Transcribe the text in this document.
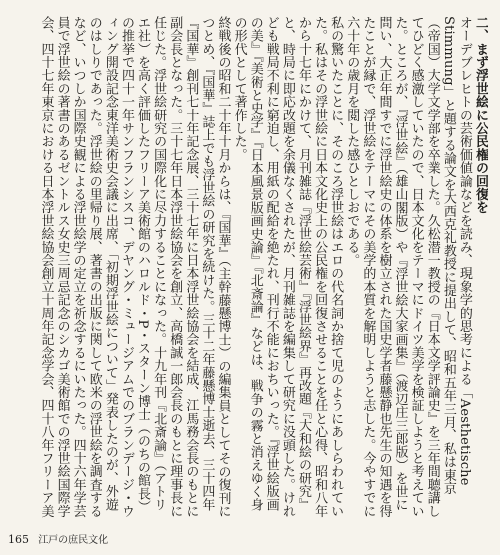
二、まず浮世絵に公民権の回復を

オーデブレヒトの芸術価値論などを読み、現象学的思考による「Aesthetische Stimmung」と題する論文を大西克礼教授に提出して、昭和五年三月、私は東京（帝国）大学文学部を卒業した。久松潜一教授の『日本文学評論史』を三年間聴講してひどく感激していたので、日本文化をテーマにドイツ美学を検証しようと考えていた。ところが、『浮世絵』（雄山閣版）や『浮世絵大家画集』（渡辺庄三郎版）を世に問い、大正年間すでに浮世絵史の体系を樹立された国史学者藤懸静也先生の知遇を得たことが縁で、浮世絵をテーマにその美学的本質を解明しようと志した。今やすでに六十年の歳月を閲した感ひとしおである。

私の驚いたことに、そのころ浮世絵はエロの代名詞か捨て児のようにあしらわれていた。私はその浮世絵に日本文化史上の公民権を回復させることを任と心得、昭和八年から十七年にかけて、月刊雑誌『浮世絵芸術』『浮世絵界』再改題『大和絵の研究』と、時局に即応改題を余儀なくされたが、月刊雑誌を編集して研究に没頭した。けれども戦局不利に窮迫し、用紙の配給を絶たれ、刊行不能におちいった。『浮世絵版画の美』『美術と史学』『日本風景版画史論』『北斎論』などは、戦争の霧と消えゆく身の形代として著作した。

終戦後の昭和二十年十月からは、『国華』（主幹藤懸博士）の編集員としてその復刊につとめ、『国華』誌上でも浮世絵の研究を続けた。三十二年藤懸博士逝去、三十四年『国華』創刊七十年記念展、三十七年に日本浮世絵協会を結成、江馬務会長のもとに副会長となった。三十七年日本浮世絵協会を創立、高橋誠一郎会長のもとに理事長に任じた。浮世絵研究の国際化に尽力することになった。十九年刊『北斎論』（アトリエ社）を高く評価したフリーア美術館のハロルド・P・スターン博士（のちの館長）の推挙で四十一年サンフランシスコ、デヤング・ミュージアムでのブランデージ・ウィング開設記念東洋美術史会議に出席、「初期浮世絵について」発表したのが、外遊のはしりであった。浮世絵の里帰り展、著書の出版に関して欧米の浮世絵を調査するなど、いつしか国際史観による浮世絵学の定立を祈念するにいたった。四十六年学芸員で浮世絵の著書のあるゼントルス女史三周忌記念のシカゴ美術館での浮世絵国際学会、四十七年東京における日本浮世絵協会創立十周年記念学会、四十八年フリーア美

165 江戸の庶民文化
